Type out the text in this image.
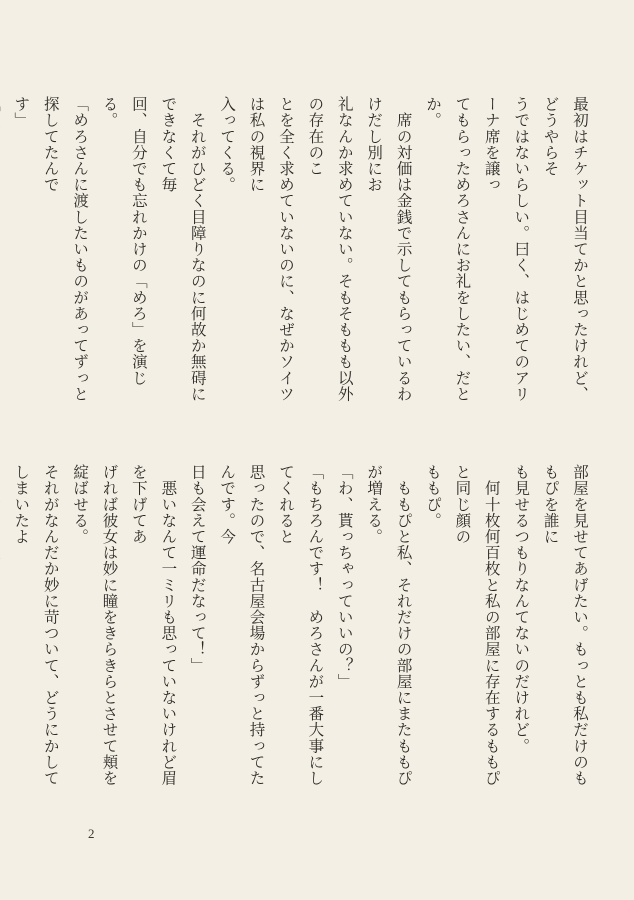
最初はチケット目当てかと思ったけれど、どうやらそ

うではないらしい。曰く、はじめてのアリーナ席を譲っ

てもらっためろさんにお礼をしたい、だとか。

　席の対価は金銭で示してもらっているわけだし別にお

礼なんか求めていない。そもそももも以外の存在のこ

とを全く求めていないのに、なぜかソイツは私の視界に

入ってくる。

　それがひどく目障りなのに何故か無碍にできなくて毎

回、自分でも忘れかけの「めろ」を演じる。

「めろさんに渡したいものがあってずっと探してたんで

す」

部屋を見せてあげたい。もっとも私だけのももぴを誰に

も見せるつもりなんてないのだけれど。

　何十枚何百枚と私の部屋に存在するももぴと同じ顔の

ももぴ。

　ももぴと私、それだけの部屋にまたももぴが増える。

「わ、貰っちゃっていいの？」

「もちろんです！　めろさんが一番大事にしてくれると

思ったので、名古屋会場からずっと持ってたんです。今

日も会えて運命だなって！」

　悪いなんて一ミリも思っていないけれど眉を下げてあ

げれば彼女は妙に瞳をきらきらとさせて頬を綻ばせる。

それがなんだか妙に苛ついて、どうにかしてしまいたよ

2
